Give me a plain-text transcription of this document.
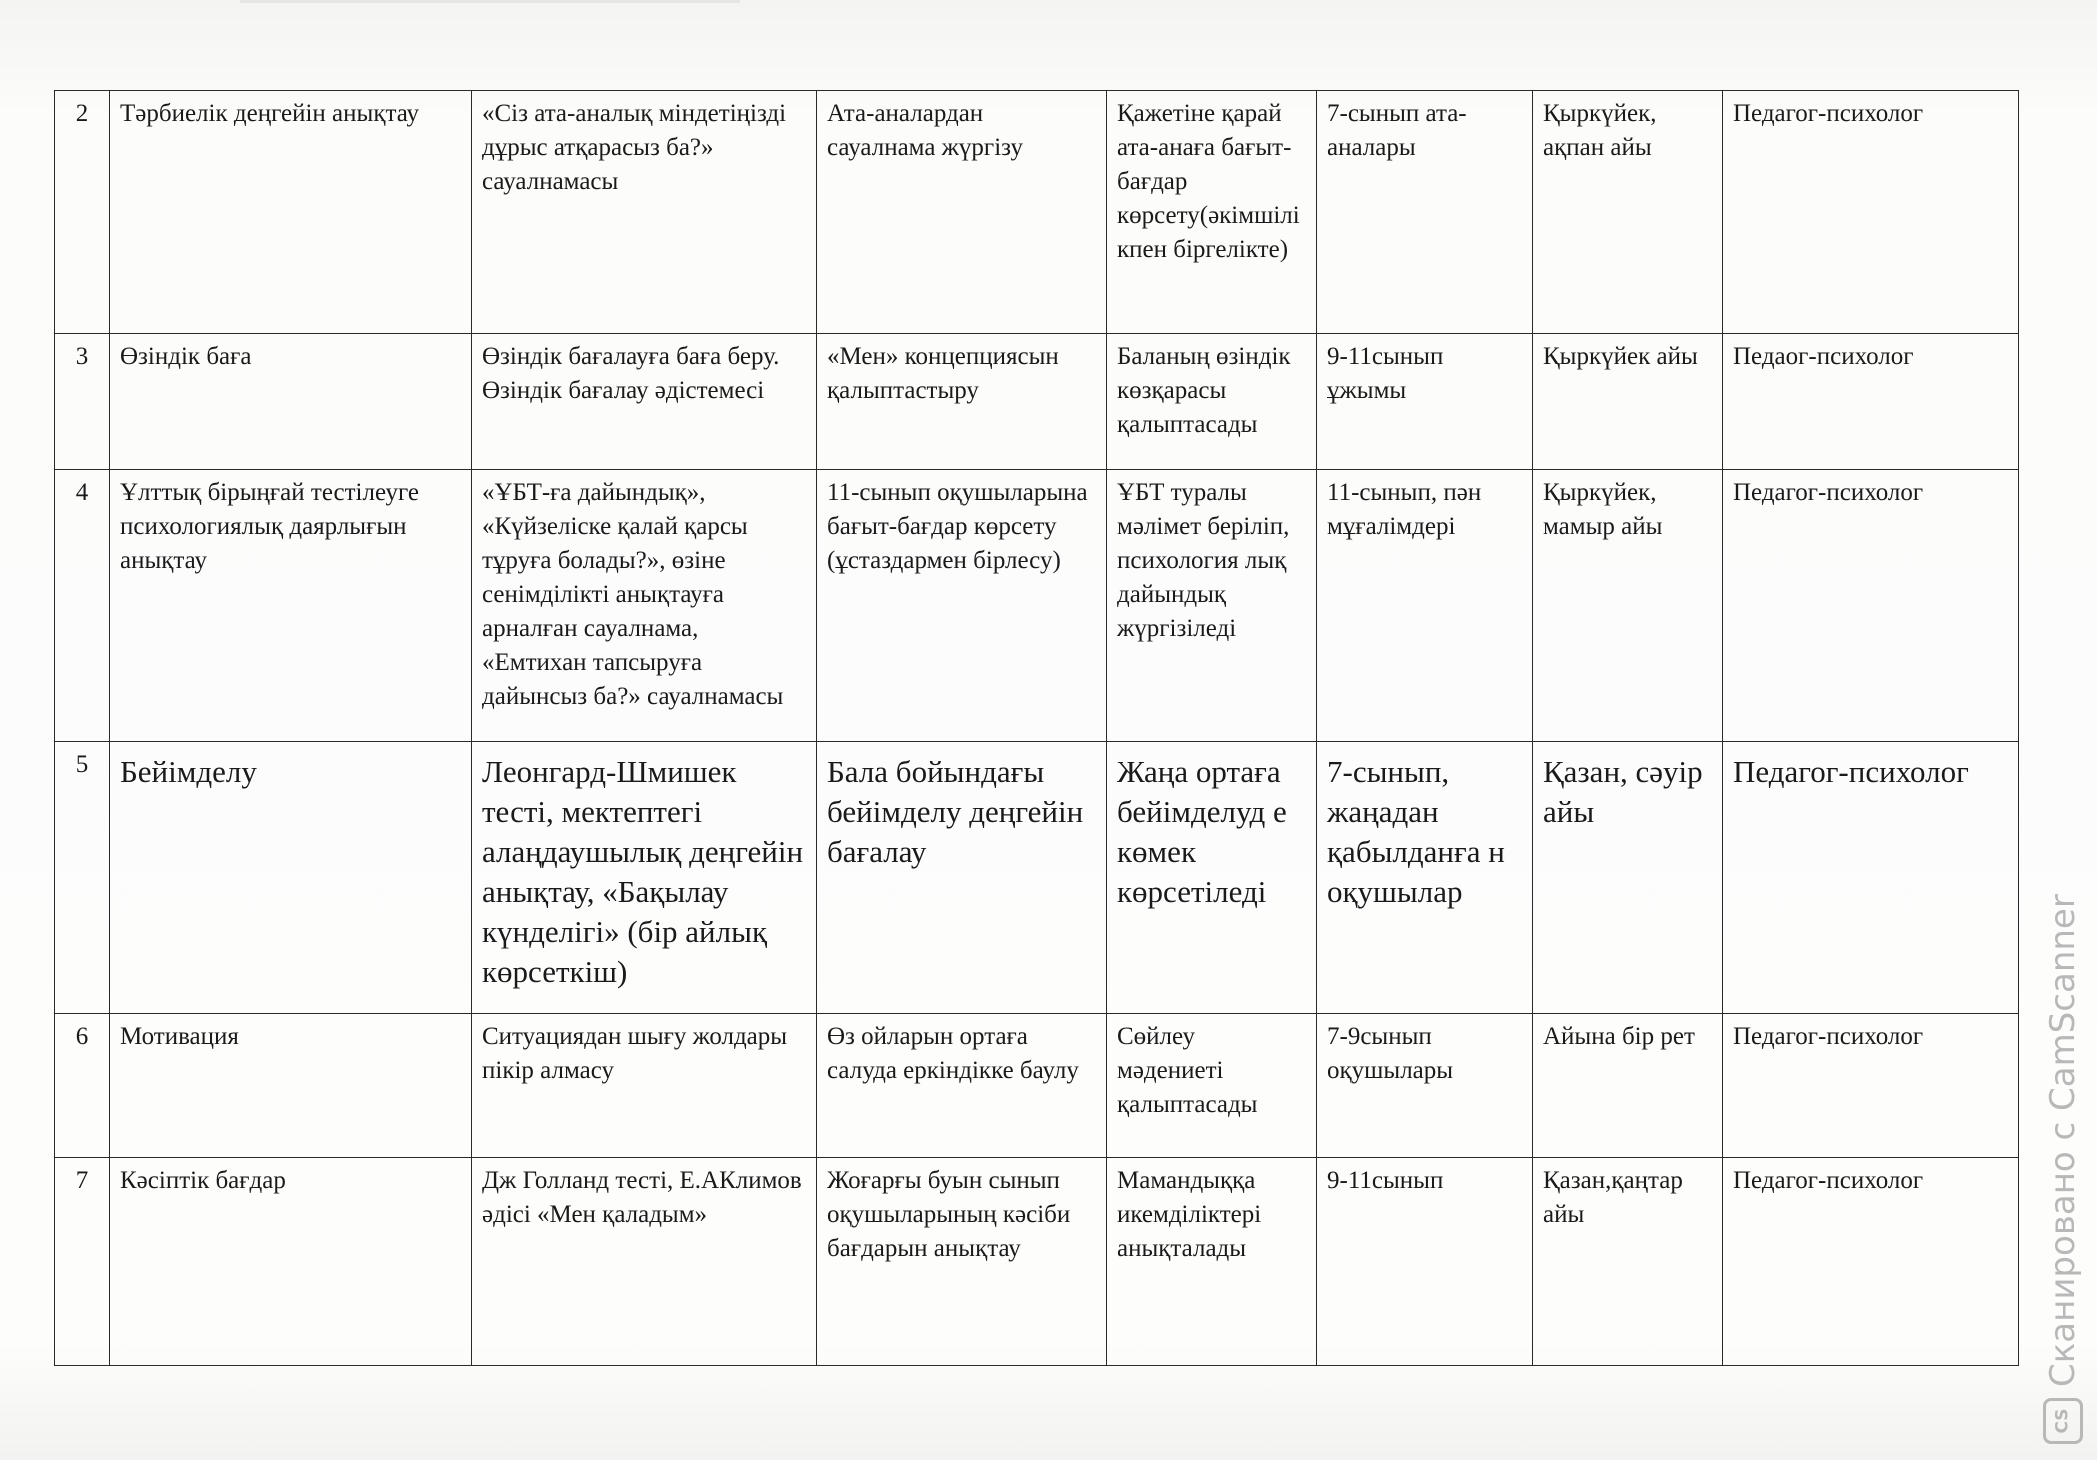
2	Тәрбиелік деңгейін анықтау	«Сіз ата-аналық міндетіңізді дұрыс атқарасыз ба?» сауалнамасы	Ата-аналардан сауалнама жүргізу	Қажетіне қарай ата-анаға бағыт-бағдар көрсету(әкімшілікпен біргелікте)	7-сынып ата-аналары	Қыркүйек, ақпан айы	Педагог-психолог
3	Өзіндік баға	Өзіндік бағалауға баға беру. Өзіндік бағалау әдістемесі	«Мен» концепциясын қалыптастыру	Баланың өзіндік көзқарасы қалыптасады	9-11сынып ұжымы	Қыркүйек айы	Педаог-психолог
4	Ұлттық бірыңғай тестілеуге психологиялық даярлығын анықтау	«ҰБТ-ға дайындық», «Күйзеліске қалай қарсы тұруға болады?», өзіне сенімділікті анықтауға арналған сауалнама, «Емтихан тапсыруға дайынсыз ба?» сауалнамасы	11-сынып оқушыларына бағыт-бағдар көрсету (ұстаздармен бірлесу)	ҰБТ туралы мәлімет беріліп, психология лық дайындық жүргізіледі	11-сынып, пән мұғалімдері	Қыркүйек, мамыр айы	Педагог-психолог
5	Бейімделу	Леонгард-Шмишек тесті, мектептегі алаңдаушылық деңгейін анықтау, «Бақылау күнделігі» (бір айлық көрсеткіш)	Бала бойындағы бейімделу деңгейін бағалау	Жаңа ортаға бейімделуд е көмек көрсетіледі	7-сынып, жаңадан қабылданға н оқушылар	Қазан, сәуір айы	Педагог-психолог
6	Мотивация	Ситуациядан шығу жолдары пікір алмасу	Өз ойларын ортаға салуда еркіндікке баулу	Сөйлеу мәдениеті қалыптасады	7-9сынып оқушылары	Айына бір рет	Педагог-психолог
7	Кәсіптік бағдар	Дж Голланд тесті, Е.АКлимов әдісі «Мен қаладым»	Жоғарғы буын сынып оқушыларының кәсіби бағдарын анықтау	Мамандыққа икемділіктері анықталады	9-11сынып	Қазан,қаңтар айы	Педагог-психолог	Сканировано с CamScanner
CS
